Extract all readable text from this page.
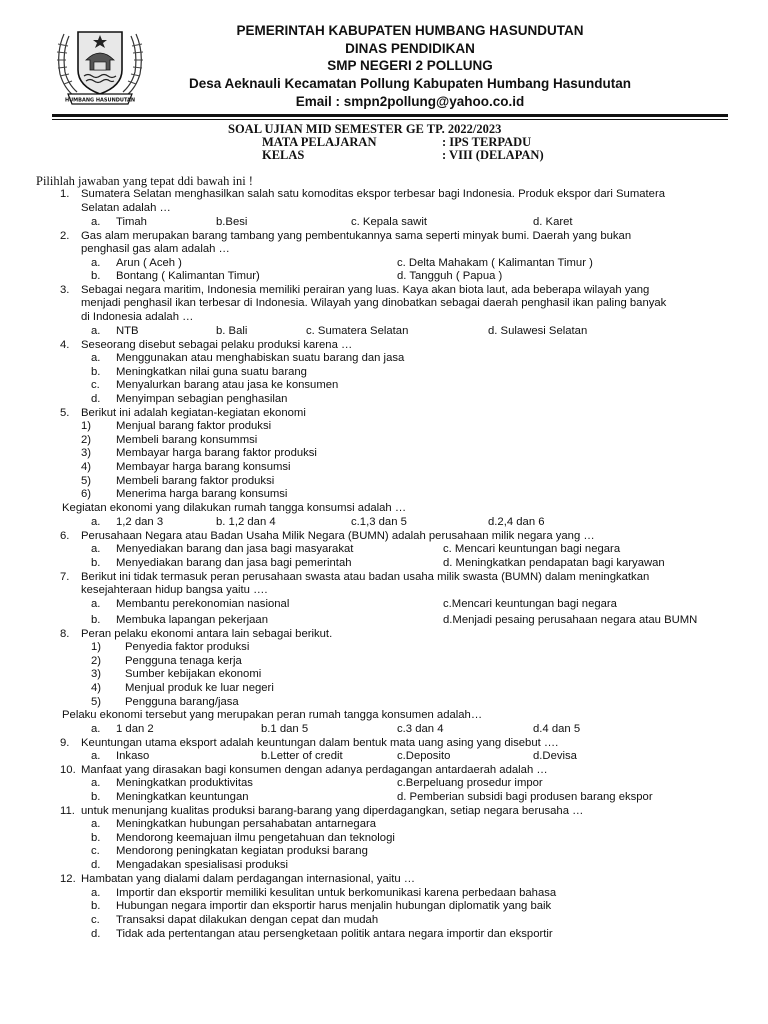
HUMBANG HASUNDUTAN
PEMERINTAH KABUPATEN HUMBANG HASUNDUTAN
DINAS PENDIDIKAN
SMP NEGERI 2 POLLUNG
Desa Aeknauli Kecamatan Pollung Kabupaten Humbang Hasundutan
Email : smpn2pollung@yahoo.co.id
SOAL UJIAN MID SEMESTER GE TP. 2022/2023
MATA PELAJARAN	: IPS TERPADU
KELAS	: VIII (DELAPAN)
Pilihlah jawaban yang tepat ddi bawah ini !
1. Sumatera Selatan menghasilkan salah satu komoditas ekspor terbesar bagi Indonesia. Produk ekspor dari Sumatera
Selatan adalah …
a. Timah	b.Besi	c. Kepala sawit	d. Karet
2. Gas alam merupakan barang tambang yang pembentukannya sama seperti minyak bumi. Daerah yang bukan
penghasil gas alam adalah …
a. Arun ( Aceh )	c. Delta Mahakam ( Kalimantan Timur )
b. Bontang ( Kalimantan Timur)	d. Tangguh ( Papua )
3. Sebagai negara maritim, Indonesia memiliki perairan yang luas. Kaya akan biota laut, ada beberapa wilayah yang
menjadi penghasil ikan terbesar di Indonesia. Wilayah yang dinobatkan sebagai daerah penghasil ikan paling banyak
di Indonesia adalah …
a. NTB	b. Bali	c. Sumatera Selatan	d. Sulawesi Selatan
4. Seseorang disebut sebagai pelaku produksi karena …
a. Menggunakan atau menghabiskan suatu barang dan jasa
b. Meningkatkan nilai guna suatu barang
c. Menyalurkan barang atau jasa ke konsumen
d. Menyimpan sebagian penghasilan
5. Berikut ini adalah kegiatan-kegiatan ekonomi
1) Menjual barang faktor produksi
2) Membeli barang konsummsi
3) Membayar harga barang faktor produksi
4) Membayar harga barang konsumsi
5) Membeli barang faktor produksi
6) Menerima harga barang konsumsi
Kegiatan ekonomi yang dilakukan rumah tangga konsumsi adalah …
a. 1,2 dan 3	b. 1,2 dan 4	c.1,3 dan 5	d.2,4 dan 6
6. Perusahaan Negara atau Badan Usaha Milik Negara (BUMN) adalah perusahaan milik negara yang …
a. Menyediakan barang dan jasa bagi masyarakat	c. Mencari keuntungan bagi negara
b. Menyediakan barang dan jasa bagi pemerintah	d. Meningkatkan pendapatan bagi karyawan
7. Berikut ini tidak termasuk peran perusahaan swasta atau badan usaha milik swasta (BUMN) dalam meningkatkan
kesejahteraan hidup bangsa yaitu ….
a. Membantu perekonomian nasional	c.Mencari keuntungan bagi negara
b. Membuka lapangan pekerjaan	d.Menjadi pesaing perusahaan negara atau BUMN
8. Peran pelaku ekonomi antara lain sebagai berikut.
1) Penyedia faktor produksi
2) Pengguna tenaga kerja
3) Sumber kebijakan ekonomi
4) Menjual produk ke luar negeri
5) Pengguna barang/jasa
Pelaku ekonomi tersebut yang merupakan peran rumah tangga konsumen adalah…
a. 1 dan 2	b.1 dan 5	c.3 dan 4	d.4 dan 5
9. Keuntungan utama eksport adalah keuntungan dalam bentuk mata uang asing yang disebut ….
a. Inkaso	b.Letter of credit	c.Deposito	d.Devisa
10. Manfaat yang dirasakan bagi konsumen dengan adanya perdagangan antardaerah adalah …
a. Meningkatkan produktivitas	c.Berpeluang prosedur impor
b. Meningkatkan keuntungan	d. Pemberian subsidi bagi produsen barang ekspor
11. untuk menunjang kualitas produksi barang-barang yang diperdagangkan, setiap negara berusaha …
a. Meningkatkan hubungan persahabatan antarnegara
b. Mendorong keemajuan ilmu pengetahuan dan teknologi
c. Mendorong peningkatan kegiatan produksi barang
d. Mengadakan spesialisasi produksi
12. Hambatan yang dialami dalam perdagangan internasional, yaitu …
a. Importir dan eksportir memiliki kesulitan untuk berkomunikasi karena perbedaan bahasa
b. Hubungan negara importir dan eksportir harus menjalin hubungan diplomatik yang baik
c. Transaksi dapat dilakukan dengan cepat dan mudah
d. Tidak ada pertentangan atau persengketaan politik antara negara importir dan eksportir
